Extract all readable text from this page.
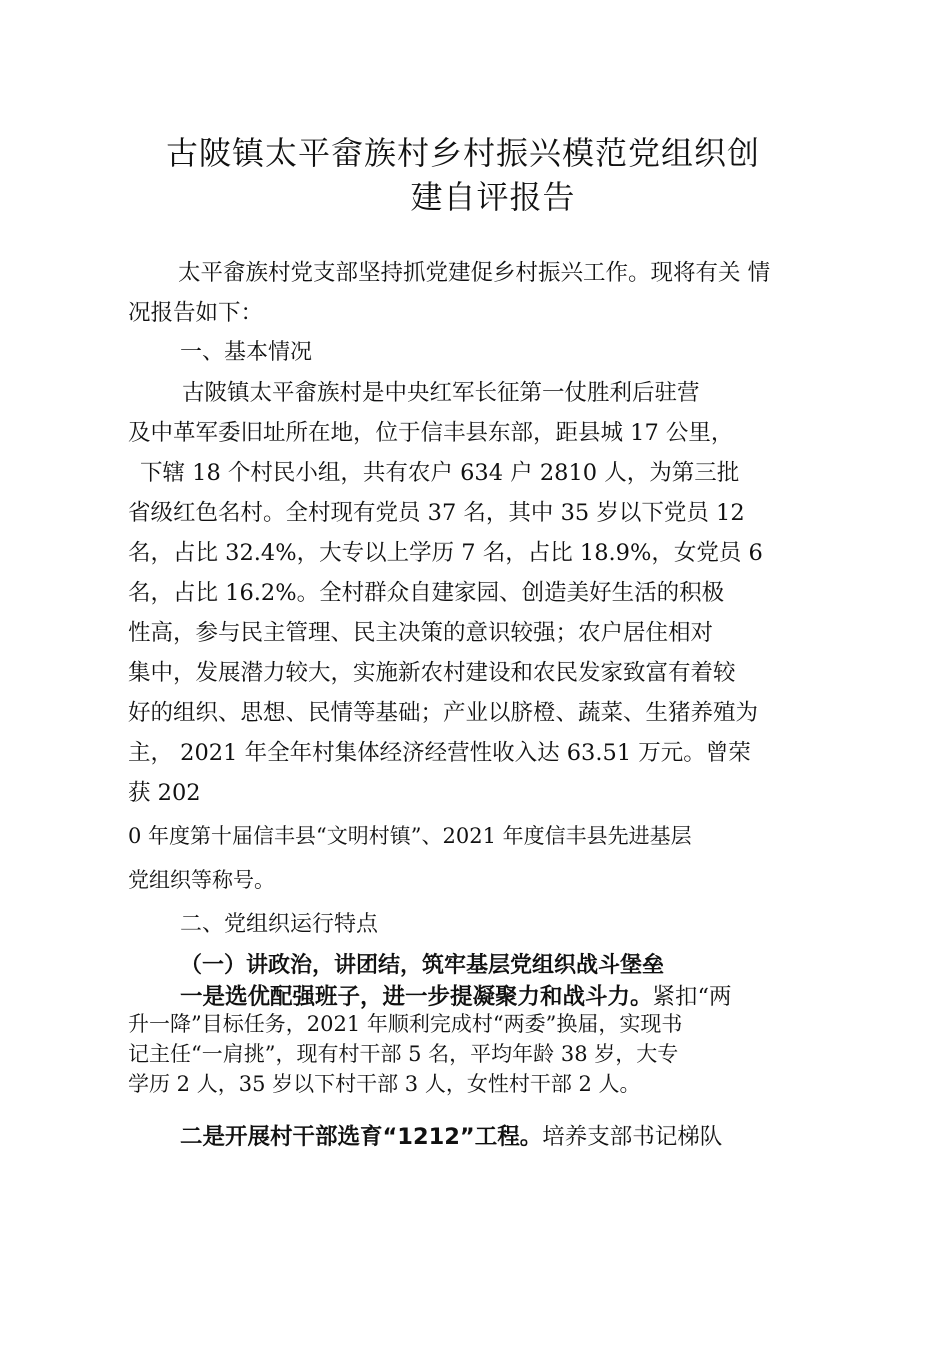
古陂镇太平畲族村乡村振兴模范党组织创
建自评报告
太平畲族村党支部坚持抓党建促乡村振兴工作。现将有关 情
况报告如下：
一、基本情况
古陂镇太平畲族村是中央红军长征第一仗胜利后驻营
及中革军委旧址所在地，位于信丰县东部，距县城 17 公里，
下辖 18 个村民小组，共有农户 634 户 2810 人，为第三批
省级红色名村。全村现有党员 37 名，其中 35 岁以下党员 12
名，占比 32.4%，大专以上学历 7 名，占比 18.9%，女党员 6
名，占比 16.2%。全村群众自建家园、创造美好生活的积极
性高，参与民主管理、民主决策的意识较强；农户居住相对
集中，发展潜力较大，实施新农村建设和农民发家致富有着较
好的组织、思想、民情等基础；产业以脐橙、蔬菜、生猪养殖为
主， 2021 年全年村集体经济经营性收入达 63.51 万元。曾荣
获 202
0 年度第十届信丰县“文明村镇”、2021 年度信丰县先进基层
党组织等称号。
二、党组织运行特点
（一）讲政治，讲团结，筑牢基层党组织战斗堡垒
一是选优配强班子，进一步提凝聚力和战斗力。紧扣“两
升一降”目标任务，2021 年顺利完成村“两委”换届，实现书
记主任“一肩挑”，现有村干部 5 名，平均年龄 38 岁，大专
学历 2 人，35 岁以下村干部 3 人，女性村干部 2 人。
二是开展村干部选育“1212”工程。培养支部书记梯队
